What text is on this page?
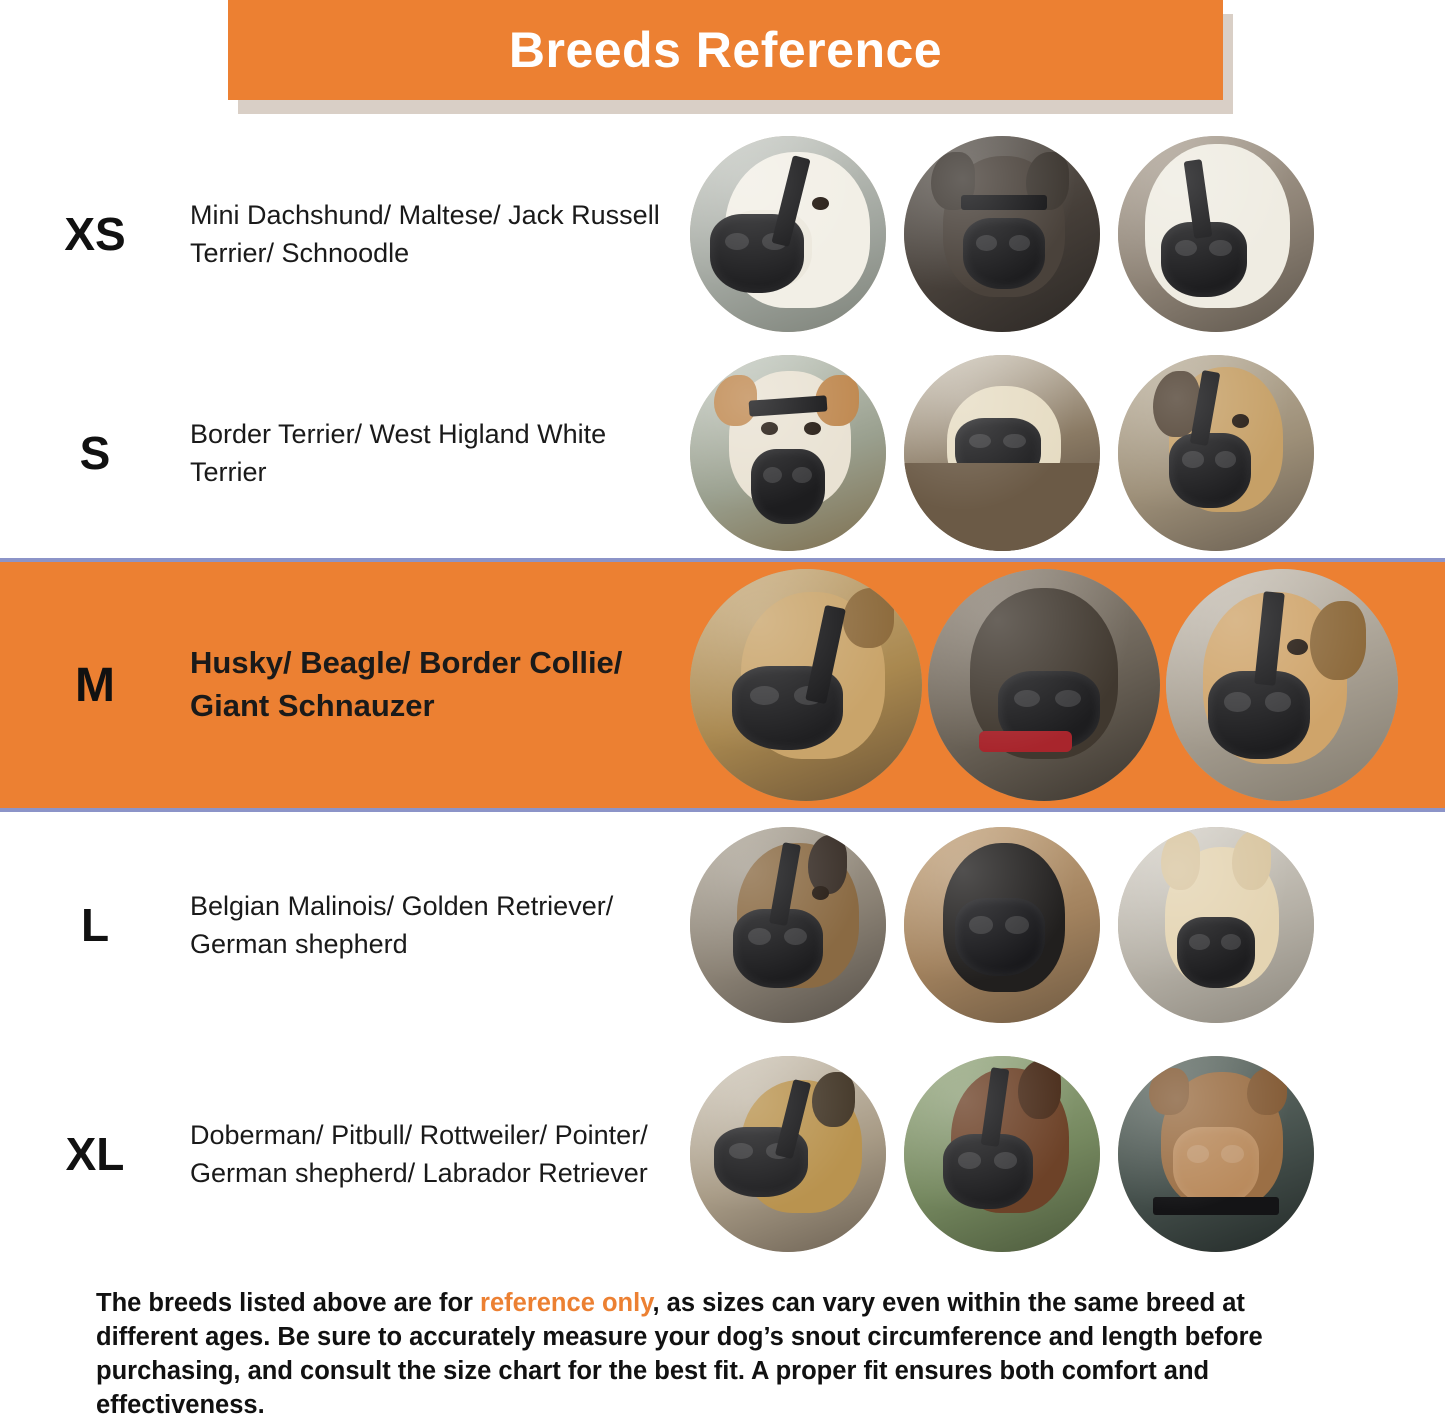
Breeds Reference
XS	Mini Dachshund/ Maltese/ Jack Russell Terrier/ Schnoodle
S	Border Terrier/ West Higland White Terrier
M	Husky/ Beagle/ Border Collie/ Giant Schnauzer
L	Belgian Malinois/ Golden Retriever/ German shepherd
XL	Doberman/ Pitbull/ Rottweiler/ Pointer/ German shepherd/ Labrador Retriever
The breeds listed above are for reference only, as sizes can vary even within the same breed at different ages. Be sure to accurately measure your dog’s snout circumference and length before purchasing, and consult the size chart for the best fit. A proper fit ensures both comfort and effectiveness.
